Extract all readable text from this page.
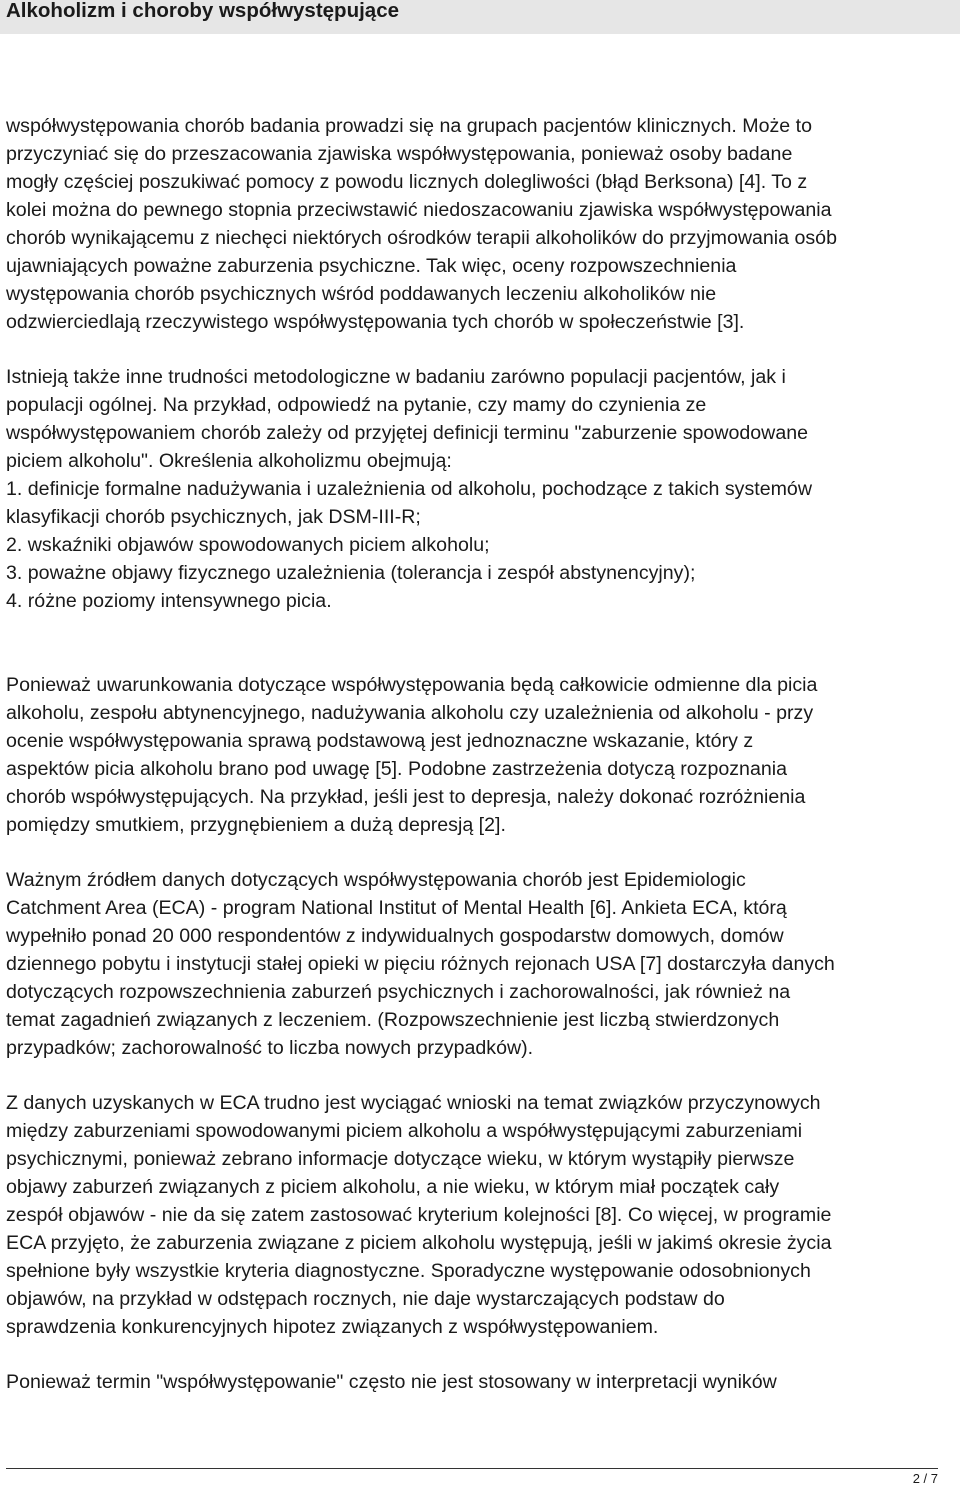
Alkoholizm i choroby współwystępujące

współwystępowania chorób badania prowadzi się na grupach pacjentów klinicznych. Może to
przyczyniać się do przeszacowania zjawiska współwystępowania, ponieważ osoby badane
mogły częściej poszukiwać pomocy z powodu licznych dolegliwości (błąd Berksona) [4]. To z
kolei można do pewnego stopnia przeciwstawić niedoszacowaniu zjawiska współwystępowania
chorób wynikającemu z niechęci niektórych ośrodków terapii alkoholików do przyjmowania osób
ujawniających poważne zaburzenia psychiczne. Tak więc, oceny rozpowszechnienia
występowania chorób psychicznych wśród poddawanych leczeniu alkoholików nie
odzwierciedlają rzeczywistego współwystępowania tych chorób w społeczeństwie [3].

Istnieją także inne trudności metodologiczne w badaniu zarówno populacji pacjentów, jak i
populacji ogólnej. Na przykład, odpowiedź na pytanie, czy mamy do czynienia ze
współwystępowaniem chorób zależy od przyjętej definicji terminu "zaburzenie spowodowane
piciem alkoholu". Określenia alkoholizmu obejmują:
1. definicje formalne nadużywania i uzależnienia od alkoholu, pochodzące z takich systemów
klasyfikacji chorób psychicznych, jak DSM-III-R;
2. wskaźniki objawów spowodowanych piciem alkoholu;
3. poważne objawy fizycznego uzależnienia (tolerancja i zespół abstynencyjny);
4. różne poziomy intensywnego picia.

Ponieważ uwarunkowania dotyczące współwystępowania będą całkowicie odmienne dla picia
alkoholu, zespołu abtynencyjnego, nadużywania alkoholu czy uzależnienia od alkoholu - przy
ocenie współwystępowania sprawą podstawową jest jednoznaczne wskazanie, który z
aspektów picia alkoholu brano pod uwagę [5]. Podobne zastrzeżenia dotyczą rozpoznania
chorób współwystępujących. Na przykład, jeśli jest to depresja, należy dokonać rozróżnienia
pomiędzy smutkiem, przygnębieniem a dużą depresją [2].

Ważnym źródłem danych dotyczących współwystępowania chorób jest Epidemiologic
Catchment Area (ECA) - program National Institut of Mental Health [6]. Ankieta ECA, którą
wypełniło ponad 20 000 respondentów z indywidualnych gospodarstw domowych, domów
dziennego pobytu i instytucji stałej opieki w pięciu różnych rejonach USA [7] dostarczyła danych
dotyczących rozpowszechnienia zaburzeń psychicznych i zachorowalności, jak również na
temat zagadnień związanych z leczeniem. (Rozpowszechnienie jest liczbą stwierdzonych
przypadków; zachorowalność to liczba nowych przypadków).

Z danych uzyskanych w ECA trudno jest wyciągać wnioski na temat związków przyczynowych
między zaburzeniami spowodowanymi piciem alkoholu a współwystępującymi zaburzeniami
psychicznymi, ponieważ zebrano informacje dotyczące wieku, w którym wystąpiły pierwsze
objawy zaburzeń związanych z piciem alkoholu, a nie wieku, w którym miał początek cały
zespół objawów - nie da się zatem zastosować kryterium kolejności [8]. Co więcej, w programie
ECA przyjęto, że zaburzenia związane z piciem alkoholu występują, jeśli w jakimś okresie życia
spełnione były wszystkie kryteria diagnostyczne. Sporadyczne występowanie odosobnionych
objawów, na przykład w odstępach rocznych, nie daje wystarczających podstaw do
sprawdzenia konkurencyjnych hipotez związanych z współwystępowaniem.

Ponieważ termin "współwystępowanie" często nie jest stosowany w interpretacji wyników

2 / 7
